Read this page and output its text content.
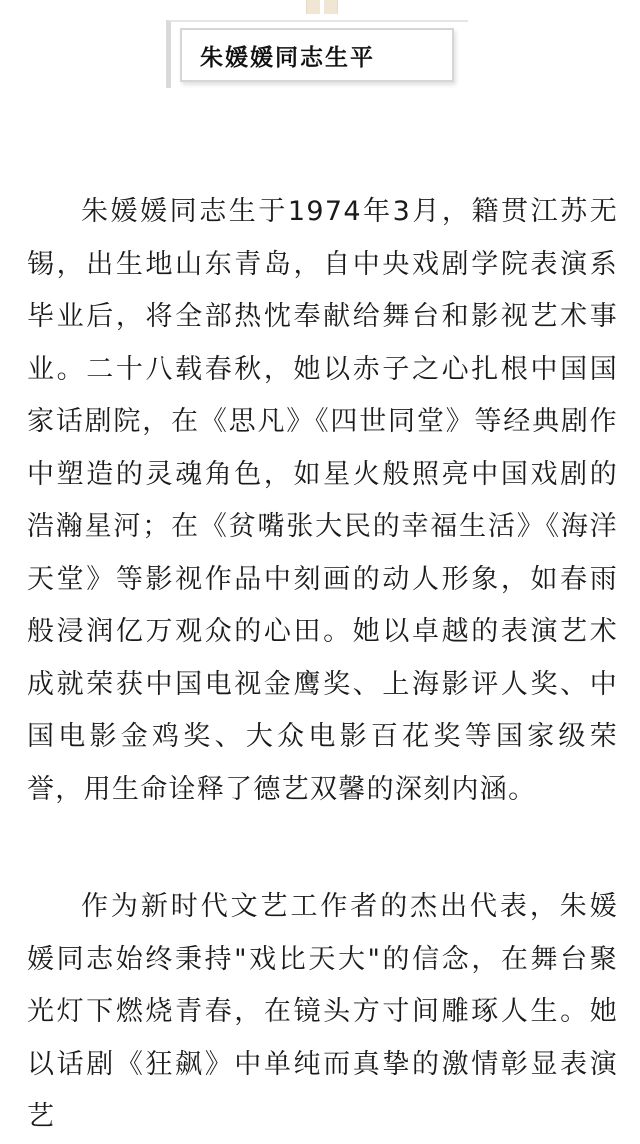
朱媛媛同志生平

朱媛媛同志生于1974年3月，籍贯江苏无锡，出生地山东青岛，自中央戏剧学院表演系毕业后，将全部热忱奉献给舞台和影视艺术事业。二十八载春秋，她以赤子之心扎根中国国家话剧院，在《思凡》《四世同堂》等经典剧作中塑造的灵魂角色，如星火般照亮中国戏剧的浩瀚星河；在《贫嘴张大民的幸福生活》《海洋天堂》等影视作品中刻画的动人形象，如春雨般浸润亿万观众的心田。她以卓越的表演艺术成就荣获中国电视金鹰奖、上海影评人奖、中国电影金鸡奖、大众电影百花奖等国家级荣誉，用生命诠释了德艺双馨的深刻内涵。

作为新时代文艺工作者的杰出代表，朱媛媛同志始终秉持"戏比天大"的信念，在舞台聚光灯下燃烧青春，在镜头方寸间雕琢人生。她以话剧《狂飙》中单纯而真挚的激情彰显表演艺
